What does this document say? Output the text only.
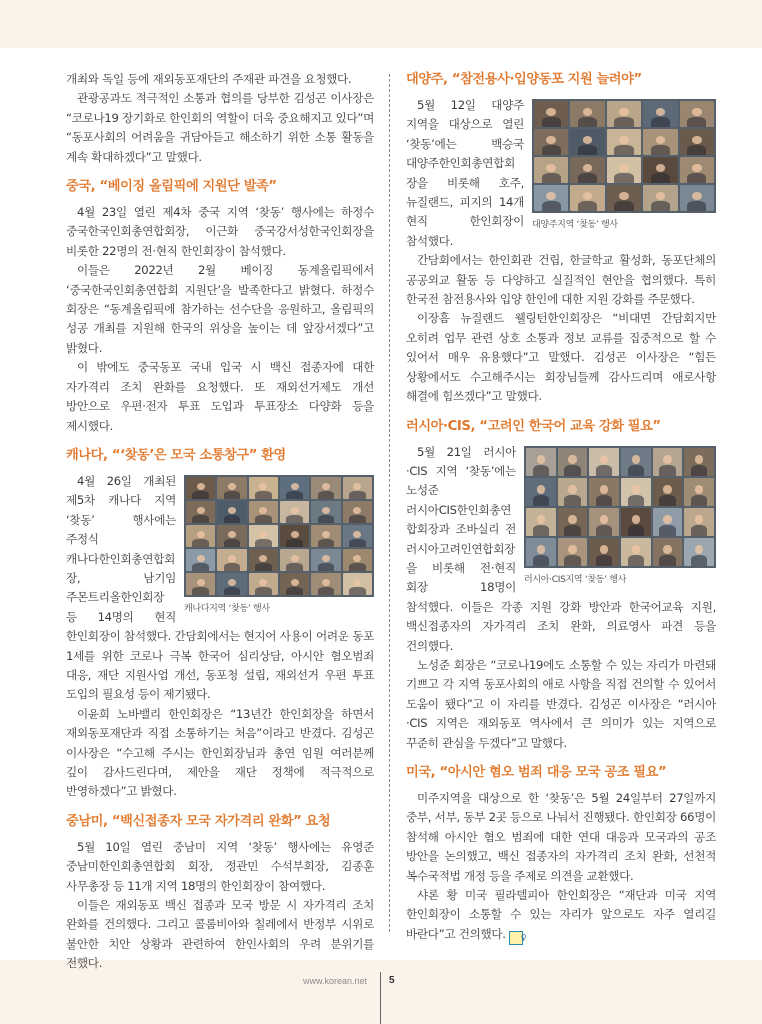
개최와 독일 등에 재외동포재단의 주재관 파견을 요청했다.

관광공과도 적극적인 소통과 협의를 당부한 김성곤 이사장은 “코로나19 장기화로 한인회의 역할이 더욱 중요해지고 있다”며 “동포사회의 어려움을 귀담아듣고 해소하기 위한 소통 활동을 계속 확대하겠다”고 말했다.

중국, “베이징 올림픽에 지원단 발족”

4월 23일 열린 제4차 중국 지역 ‘찾동’ 행사에는 하정수 중국한국인회총연합회장, 이근화 중국강서성한국인회장을 비롯한 22명의 전·현직 한인회장이 참석했다.

이들은 2022년 2월 베이징 동계올림픽에서 ‘중국한국인회총연합회 지원단’을 발족한다고 밝혔다. 하정수 회장은 “동계올림픽에 참가하는 선수단을 응원하고, 올림픽의 성공 개최를 지원해 한국의 위상을 높이는 데 앞장서겠다”고 밝혔다.

이 밖에도 중국동포 국내 입국 시 백신 접종자에 대한 자가격리 조치 완화를 요청했다. 또 재외선거제도 개선 방안으로 우편·전자 투표 도입과 투표장소 다양화 등을 제시했다.

캐나다, “‘찾동’은 모국 소통창구” 환영
캐나다지역 ‘찾동’ 행사

4월 26일 개최된 제5차 캐나다 지역 ‘찾동’ 행사에는 주정식 캐나다한인회총연합회장, 남기임 주몬트리올한인회장 등 14명의 현직 한인회장이 참석했다. 간담회에서는 현지어 사용이 어려운 동포 1세를 위한 코로나 극복 한국어 심리상담, 아시안 혐오범죄 대응, 재단 지원사업 개선, 동포청 설립, 재외선거 우편 투표 도입의 필요성 등이 제기됐다.

이윤희 노바밸리 한인회장은 “13년간 한인회장을 하면서 재외동포재단과 직접 소통하기는 처음”이라고 반겼다. 김성곤 이사장은 “수고해 주시는 한인회장님과 총연 임원 여러분께 깊이 감사드린다며, 제안을 재단 정책에 적극적으로 반영하겠다”고 밝혔다.

중남미, “백신접종자 모국 자가격리 완화” 요청

5월 10일 열린 중남미 지역 ‘찾동’ 행사에는 유영준 중남미한인회총연합회 회장, 정관민 수석부회장, 김종훈 사무총장 등 11개 지역 18명의 한인회장이 참여했다.

이들은 재외동포 백신 접종과 모국 방문 시 자가격리 조치 완화를 건의했다. 그리고 콜롬비아와 칠레에서 반정부 시위로 불안한 치안 상황과 관련하여 한인사회의 우려 분위기를 전했다.

대양주, “참전용사·입양동포 지원 늘려야”
대양주지역 ‘찾동’ 행사

5월 12일 대양주 지역을 대상으로 열린 ‘찾동’에는 백승국 대양주한인회총연합회장을 비롯해 호주, 뉴질랜드, 피지의 14개 현직 한인회장이 참석했다.

간담회에서는 한인회관 건립, 한글학교 활성화, 동포단체의 공공외교 활동 등 다양하고 실질적인 현안을 협의했다. 특히 한국전 참전용사와 입양 한인에 대한 지원 강화를 주문했다.

이장흠 뉴질랜드 웰링턴한인회장은 “비대면 간담회지만 오히려 업무 관련 상호 소통과 정보 교류를 집중적으로 할 수 있어서 매우 유용했다”고 말했다. 김성곤 이사장은 “힘든 상황에서도 수고해주시는 회장님들께 감사드리며 애로사항 해결에 힘쓰겠다”고 말했다.

러시아·CIS, “고려인 한국어 교육 강화 필요”
러시아·CIS지역 ‘찾동’ 행사

5월 21일 러시아·CIS 지역 ‘찾동’에는 노성준 러시아CIS한인회총연합회장과 조바실리 전 러시아고려인연합회장을 비롯해 전·현직 회장 18명이 참석했다. 이들은 각종 지원 강화 방안과 한국어교육 지원, 백신접종자의 자가격리 조치 완화, 의료영사 파견 등을 건의했다.

노성준 회장은 “코로나19에도 소통할 수 있는 자리가 마련돼 기쁘고 각 지역 동포사회의 애로 사항을 직접 건의할 수 있어서 도움이 됐다”고 이 자리를 반겼다. 김성곤 이사장은 “러시아·CIS 지역은 재외동포 역사에서 큰 의미가 있는 지역으로 꾸준히 관심을 두겠다”고 말했다.

미국, “아시안 혐오 범죄 대응 모국 공조 필요”

미주지역을 대상으로 한 ‘찾동’은 5월 24일부터 27일까지 중부, 서부, 동부 2곳 등으로 나눠서 진행됐다. 한인회장 66명이 참석해 아시안 혐오 범죄에 대한 연대 대응과 모국과의 공조 방안을 논의했고, 백신 접종자의 자가격리 조치 완화, 선천적 복수국적법 개정 등을 주제로 의견을 교환했다.

샤론 황 미국 필라델피아 한인회장은 “재단과 미국 지역 한인회장이 소통할 수 있는 자리가 앞으로도 자주 열리길 바란다”고 건의했다. ♀

www.korean.net 5
